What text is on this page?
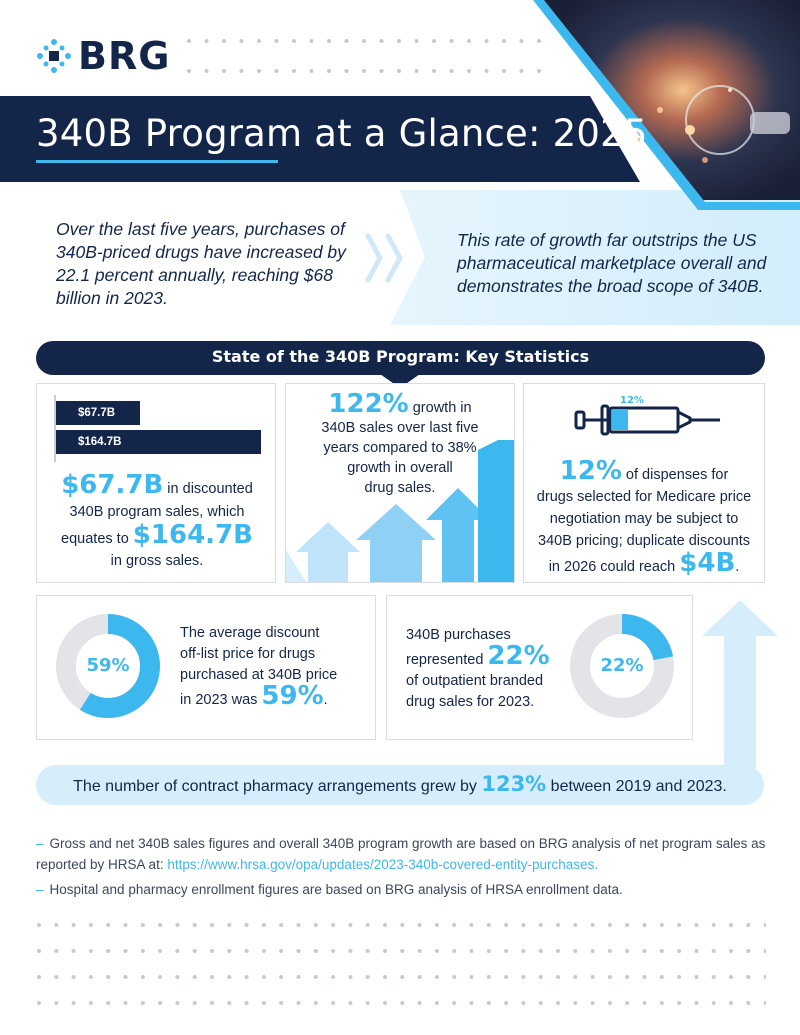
BRG
340B Program at a Glance: 2025
Over the last five years, purchases of 340B-priced drugs have increased by 22.1 percent annually, reaching $68 billion in 2023.
This rate of growth far outstrips the US pharmaceutical marketplace overall and demonstrates the broad scope of 340B.
State of the 340B Program: Key Statistics
$67.7B
$164.7B
$67.7B in discounted
340B program sales, which
equates to $164.7B
in gross sales.
122% growth in
340B sales over last five
years compared to 38%
growth in overall
drug sales.
12%
12% of dispenses for
drugs selected for Medicare price
negotiation may be subject to
340B pricing; duplicate discounts
in 2026 could reach $4B.
59%
The average discount
off-list price for drugs
purchased at 340B price
in 2023 was 59%.
340B purchases
represented 22%
of outpatient branded
drug sales for 2023.
22%
The number of contract pharmacy arrangements grew by 123% between 2019 and 2023.
– Gross and net 340B sales figures and overall 340B program growth are based on BRG analysis of net program sales as reported by HRSA at: https://www.hrsa.gov/opa/updates/2023-340b-covered-entity-purchases.
– Hospital and pharmacy enrollment figures are based on BRG analysis of HRSA enrollment data.
